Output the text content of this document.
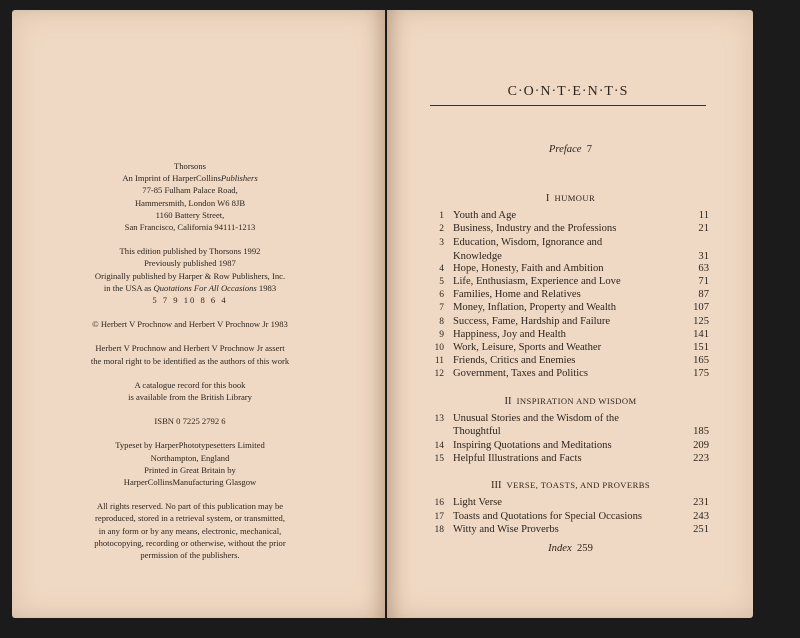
Thorsons
An Imprint of HarperCollinsPublishers
77-85 Fulham Palace Road,
Hammersmith, London W6 8JB
1160 Battery Street,
San Francisco, California 94111-1213
This edition published by Thorsons 1992
Previously published 1987
Originally published by Harper & Row Publishers, Inc.
in the USA as Quotations For All Occasions 1983
5 7 9 10 8 6 4
© Herbert V Prochnow and Herbert V Prochnow Jr 1983
Herbert V Prochnow and Herbert V Prochnow Jr assert
the moral right to be identified as the authors of this work
A catalogue record for this book
is available from the British Library
ISBN 0 7225 2792 6
Typeset by HarperPhototypesetters Limited
Northampton, England
Printed in Great Britain by
HarperCollinsManufacturing Glasgow
All rights reserved. No part of this publication may be
reproduced, stored in a retrieval system, or transmitted,
in any form or by any means, electronic, mechanical,
photocopying, recording or otherwise, without the prior
permission of the publishers.
C·O·N·T·E·N·T·S
Preface 7
I HUMOUR
1 Youth and Age	11
2 Business, Industry and the Professions	21
3 Education, Wisdom, Ignorance and
Knowledge	31
4 Hope, Honesty, Faith and Ambition	63
5 Life, Enthusiasm, Experience and Love	71
6 Families, Home and Relatives	87
7 Money, Inflation, Property and Wealth	107
8 Success, Fame, Hardship and Failure	125
9 Happiness, Joy and Health	141
10 Work, Leisure, Sports and Weather	151
11 Friends, Critics and Enemies	165
12 Government, Taxes and Politics	175
II INSPIRATION AND WISDOM
13 Unusual Stories and the Wisdom of the
Thoughtful	185
14 Inspiring Quotations and Meditations	209
15 Helpful Illustrations and Facts	223
III VERSE, TOASTS, AND PROVERBS
16 Light Verse	231
17 Toasts and Quotations for Special Occasions	243
18 Witty and Wise Proverbs	251
Index 259
